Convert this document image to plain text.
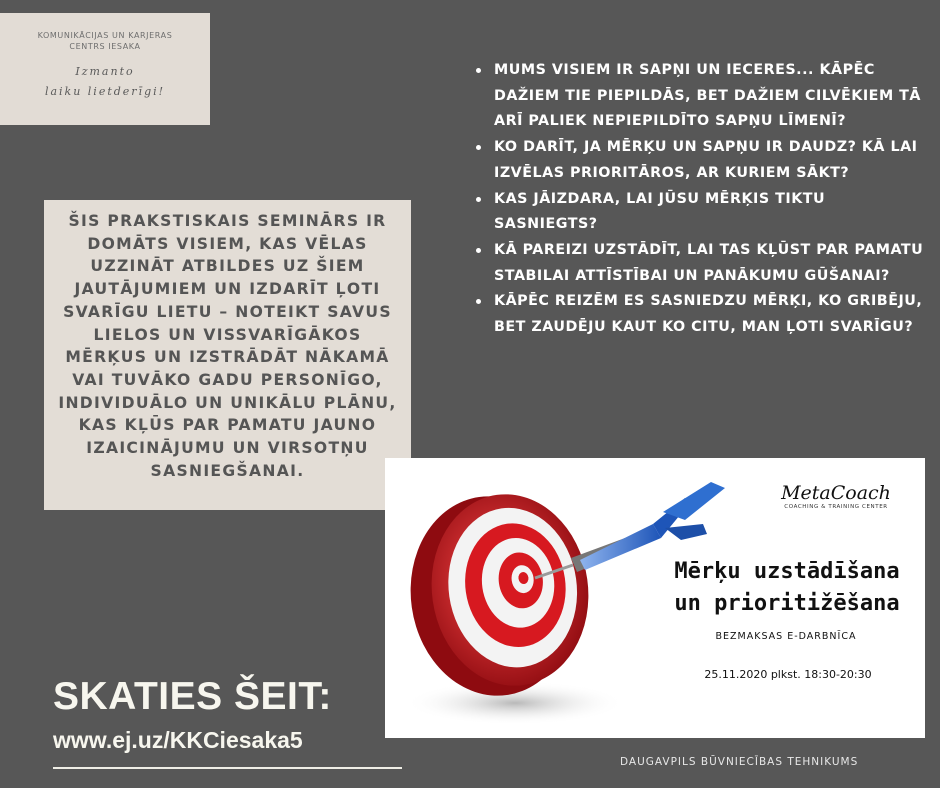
KOMUNIKĀCIJAS UN KARJERAS
CENTRS IESAKA
Izmanto
laiku lietderīgi!

ŠIS PRAKSTISKAIS SEMINĀRS IR DOMĀTS VISIEM, KAS VĒLAS UZZINĀT ATBILDES UZ ŠIEM JAUTĀJUMIEM UN IZDARĪT ĻOTI SVARĪGU LIETU – NOTEIKT SAVUS LIELOS UN VISSVARĪGĀKOS MĒRĶUS UN IZSTRĀDĀT NĀKAMĀ VAI TUVĀKO GADU PERSONĪGO, INDIVIDUĀLO UN UNIKĀLU PLĀNU, KAS KĻŪS PAR PAMATU JAUNO IZAICINĀJUMU UN VIRSOTŅU SASNIEGŠANAI.

MUMS VISIEM IR SAPŅI UN IECERES... KĀPĒC DAŽIEM TIE PIEPILDĀS, BET DAŽIEM CILVĒKIEM TĀ ARĪ PALIEK NEPIEPILDĪTO SAPŅU LĪMENĪ?
KO DARĪT, JA MĒRĶU UN SAPŅU IR DAUDZ? KĀ LAI IZVĒLAS PRIORITĀROS, AR KURIEM SĀKT?
KAS JĀIZDARA, LAI JŪSU MĒRĶIS TIKTU SASNIEGTS?
KĀ PAREIZI UZSTĀDĪT, LAI TAS KĻŪST PAR PAMATU STABILAI ATTĪSTĪBAI UN PANĀKUMU GŪŠANAI?
KĀPĒC REIZĒM ES SASNIEDZU MĒRĶI, KO GRIBĒJU, BET ZAUDĒJU KAUT KO CITU, MAN ĻOTI SVARĪGU?
MetaCoach
COACHING & TRAINING CENTER
Mērķu uzstādīšana
un prioritižēšana
BEZMAKSAS E-DARBNĪCA
25.11.2020 plkst. 18:30-20:30
SKATIES ŠEIT:
www.ej.uz/KKCiesaka5
DAUGAVPILS BŪVNIECĪBAS TEHNIKUMS
